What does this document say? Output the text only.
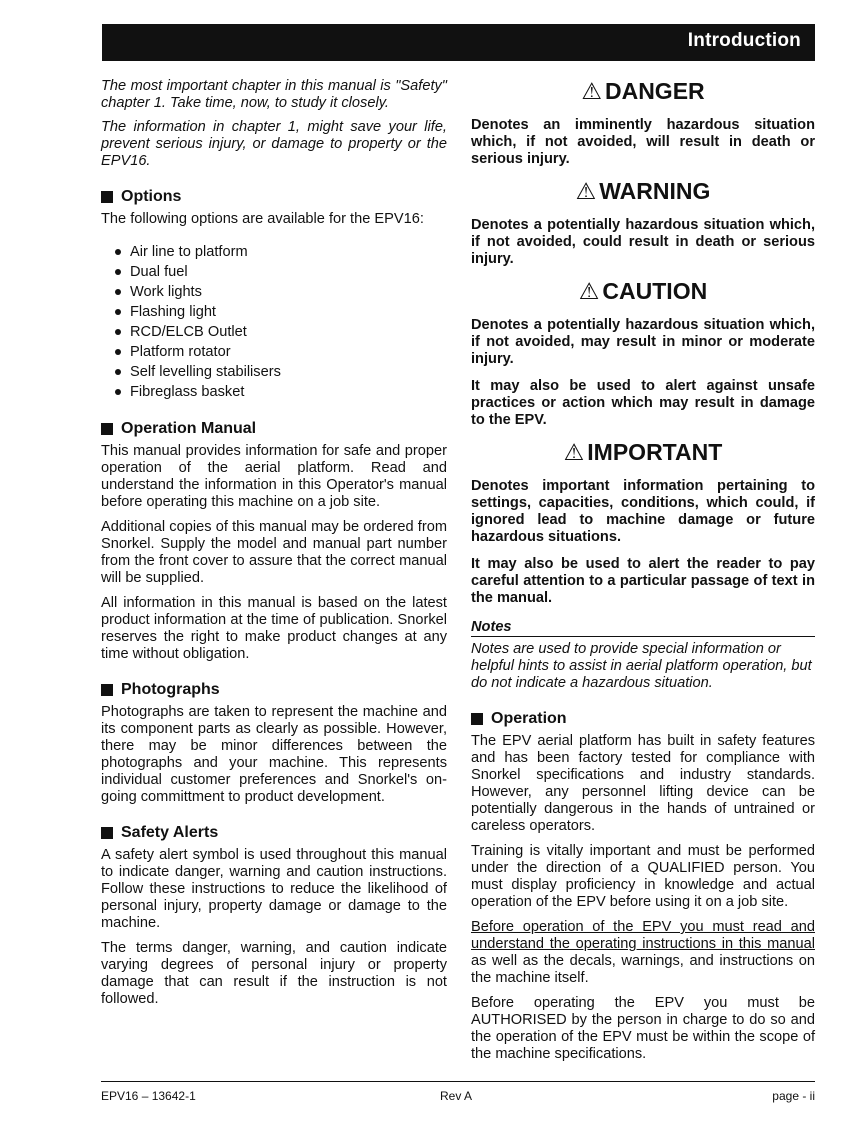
Introduction

The most important chapter in this manual is "Safety" chapter 1. Take time, now, to study it closely.

The information in chapter 1, might save your life, prevent serious injury, or damage to property or the EPV16.

Options

The following options are available for the EPV16:

Air line to platform
Dual fuel
Work lights
Flashing light
RCD/ELCB Outlet
Platform rotator
Self levelling stabilisers
Fibreglass basket
Operation Manual

This manual provides information for safe and proper operation of the aerial platform. Read and understand the information in this Operator's manual before operating this machine on a job site.

Additional copies of this manual may be ordered from Snorkel. Supply the model and manual part number from the front cover to assure that the correct manual will be supplied.

All information in this manual is based on the latest product information at the time of publication. Snorkel reserves the right to make product changes at any time without obligation.

Photographs

Photographs are taken to represent the machine and its component parts as clearly as possible. However, there may be minor differences between the photographs and your machine. This represents individual customer preferences and Snorkel's on-going committment to product development.

Safety Alerts

A safety alert symbol is used throughout this manual to indicate danger, warning and caution instructions. Follow these instructions to reduce the likelihood of personal injury, property damage or damage to the machine.

The terms danger, warning, and caution indicate varying degrees of personal injury or property damage that can result if the instruction is not followed.

⚠ DANGER

Denotes an imminently hazardous situation which, if not avoided, will result in death or serious injury.

⚠ WARNING

Denotes a potentially hazardous situation which, if not avoided, could result in death or serious injury.

⚠ CAUTION

Denotes a potentially hazardous situation which, if not avoided, may result in minor or moderate injury.

It may also be used to alert against unsafe practices or action which may result in damage to the EPV.

⚠ IMPORTANT

Denotes important information pertaining to settings, capacities, conditions, which could, if ignored lead to machine damage or future hazardous situations.

It may also be used to alert the reader to pay careful attention to a particular passage of text in the manual.

Notes

Notes are used to provide special information or helpful hints to assist in aerial platform operation, but do not indicate a hazardous situation.

Operation

The EPV aerial platform has built in safety features and has been factory tested for compliance with Snorkel specifications and industry standards. However, any personnel lifting device can be potentially dangerous in the hands of untrained or careless operators.

Training is vitally important and must be performed under the direction of a QUALIFIED person. You must display proficiency in knowledge and actual operation of the EPV before using it on a job site.

Before operation of the EPV you must read and understand the operating instructions in this manual as well as the decals, warnings, and instructions on the machine itself.

Before operating the EPV you must be AUTHORISED by the person in charge to do so and the operation of the EPV must be within the scope of the machine specifications.

EPV16 – 13642-1	Rev A	page - ii
